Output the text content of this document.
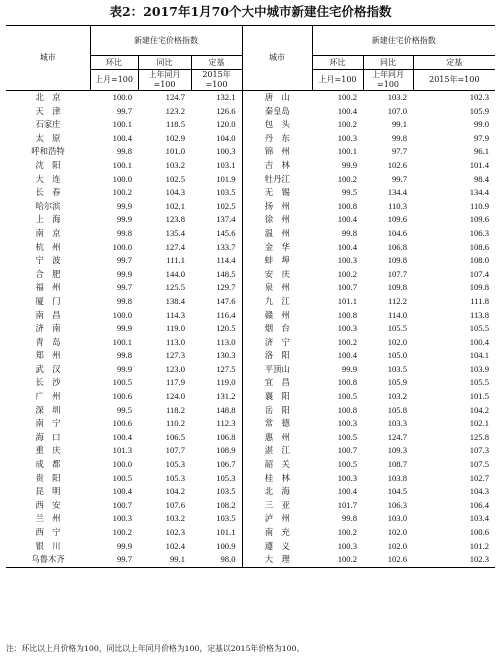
表2：2017年1月70个大中城市新建住宅价格指数
城市	新建住宅价格指数			城市	新建住宅价格指数		
	环比	同比	定基		环比	同比	定基
	上月=100	上年同月=100	2015年=100		上月=100	上年同月=100	2015年=100
北　京	100.0	124.7	132.1	唐　山	100.2	103.2	102.3
天　津	99.7	123.2	126.6	秦皇岛	100.4	107.0	105.9
石家庄	100.1	118.5	120.0	包　头	100.2	99.1	99.0
太　原	100.4	102.9	104.0	丹　东	100.3	99.8	97.9
呼和浩特	99.8	101.0	100.3	锦　州	100.1	97.7	96.1
沈　阳	100.1	103.2	103.1	吉　林	99.9	102.6	101.4
大　连	100.0	102.5	101.9	牡丹江	100.2	99.7	98.4
长　春	100.2	104.3	103.5	无　锡	99.5	134.4	134.4
哈尔滨	99.9	102.1	102.5	扬　州	100.8	110.3	110.9
上　海	99.9	123.8	137.4	徐　州	100.4	109.6	109.6
南　京	99.8	135.4	145.6	温　州	99.8	104.6	106.3
杭　州	100.0	127.4	133.7	金　华	100.4	106.8	108.6
宁　波	99.7	111.1	114.4	蚌　埠	100.3	109.8	108.0
合　肥	99.9	144.0	148.5	安　庆	100.2	107.7	107.4
福　州	99.7	125.5	129.7	泉　州	100.7	109.8	109.8
厦　门	99.8	138.4	147.6	九　江	101.1	112.2	111.8
南　昌	100.0	114.3	116.4	赣　州	100.8	114.0	113.8
济　南	99.9	119.0	120.5	烟　台	100.3	105.5	105.5
青　岛	100.1	113.0	113.0	济　宁	100.2	102.0	100.4
郑　州	99.8	127.3	130.3	洛　阳	100.4	105.0	104.1
武　汉	99.9	123.0	127.5	平顶山	99.9	103.5	103.9
长　沙	100.5	117.9	119.0	宜　昌	100.8	105.9	105.5
广　州	100.6	124.0	131.2	襄　阳	100.5	103.2	101.5
深　圳	99.5	118.2	148.8	岳　阳	100.8	105.8	104.2
南　宁	100.6	110.2	112.3	常　德	100.3	103.3	102.1
海　口	100.4	106.5	106.8	惠　州	100.5	124.7	125.8
重　庆	101.3	107.7	108.9	湛　江	100.7	109.3	107.3
成　都	100.0	105.3	106.7	韶　关	100.5	108.7	107.5
贵　阳	100.5	105.3	105.3	桂　林	100.3	103.8	102.7
昆　明	100.4	104.2	103.5	北　海	100.4	104.5	104.3
西　安	100.7	107.6	108.2	三　亚	101.7	106.3	106.4
兰　州	100.3	103.2	103.5	泸　州	99.8	103.0	103.4
西　宁	100.2	102.3	101.1	南　充	100.2	102.0	100.6
银　川	99.9	102.4	100.9	遵　义	100.3	102.0	101.2
乌鲁木齐	99.7	99.1	98.0	大　理	100.2	102.6	102.3
注：环比以上月价格为100，同比以上年同月价格为100，定基以2015年价格为100。
